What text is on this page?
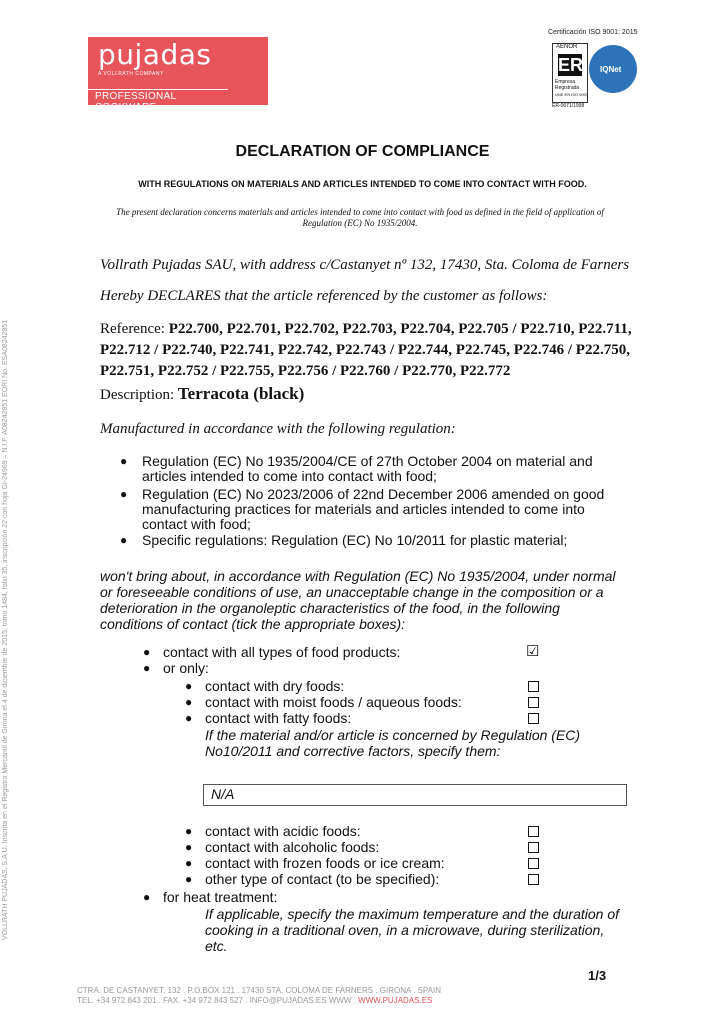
pujadas
A VOLLRATH COMPANY
PROFESSIONAL COOKWARE
Certificación ISO 9001: 2015
AENOR
ER
Empresa
Registrada
UNE EN ISO 9001
ER-0671/1998
IQNet
VOLLRATH PUJADAS, S.A.U. Inscrita en el Registro Mercantil de Girona el 4 de diciembre de 2015, tomo 1484, folio 35, inscripción 22 con hoja GI-24969 – N.I.F. A08242851 EORI No. ESA08242851
DECLARATION OF COMPLIANCE
WITH REGULATIONS ON MATERIALS AND ARTICLES INTENDED TO COME INTO CONTACT WITH FOOD.
The present declaration concerns materials and articles intended to come into contact with food as defined in the field of application of Regulation (EC) No 1935/2004.
Vollrath Pujadas SAU, with address c/Castanyet nº 132, 17430, Sta. Coloma de Farners
Hereby DECLARES that the article referenced by the customer as follows:
Reference: P22.700, P22.701, P22.702, P22.703, P22.704, P22.705 / P22.710, P22.711, P22.712 / P22.740, P22.741, P22.742, P22.743 / P22.744, P22.745, P22.746 / P22.750, P22.751, P22.752 / P22.755, P22.756 / P22.760 / P22.770, P22.772
Description: Terracota (black)
Manufactured in accordance with the following regulation:
● Regulation (EC) No 1935/2004/CE of 27th October 2004 on material and articles intended to come into contact with food;
● Regulation (EC) No 2023/2006 of 22nd December 2006 amended on good manufacturing practices for materials and articles intended to come into contact with food;
● Specific regulations: Regulation (EC) No 10/2011 for plastic material;
won't bring about, in accordance with Regulation (EC) No 1935/2004, under normal or foreseeable conditions of use, an unacceptable change in the composition or a deterioration in the organoleptic characteristics of the food, in the following conditions of contact (tick the appropriate boxes):
● contact with all types of food products:	☑
● or only:
● contact with dry foods:
● contact with moist foods / aqueous foods:
● contact with fatty foods:
If the material and/or article is concerned by Regulation (EC) No10/2011 and corrective factors, specify them:
N/A
● contact with acidic foods:
● contact with alcoholic foods:
● contact with frozen foods or ice cream:
● other type of contact (to be specified):
● for heat treatment:
If applicable, specify the maximum temperature and the duration of cooking in a traditional oven, in a microwave, during sterilization, etc.
1/3
CTRA. DE CASTANYET, 132 . P.O.BOX 121 . 17430 STA. COLOMA DE FARNERS . GIRONA . SPAIN
TEL. +34 972 843 201 . FAX. +34 972 843 527 . INFO@PUJADAS.ES WWW . WWW.PUJADAS.ES
